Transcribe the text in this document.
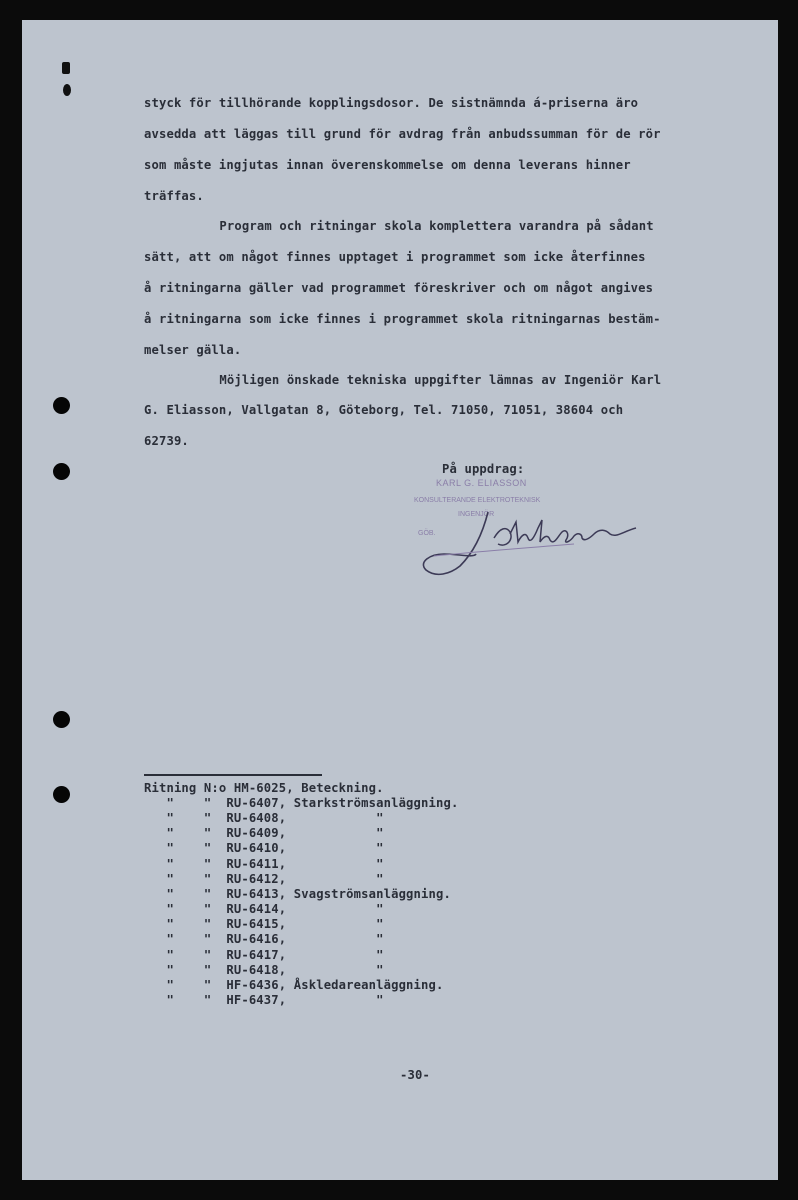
styck för tillhörande kopplingsdosor. De sistnämnda á-priserna äro
avsedda att läggas till grund för avdrag från anbudssumman för de rör
som måste ingjutas innan överenskommelse om denna leverans hinner
träffas.
Program och ritningar skola komplettera varandra på sådant
sätt, att om något finnes upptaget i programmet som icke återfinnes
å ritningarna gäller vad programmet föreskriver och om något angives
å ritningarna som icke finnes i programmet skola ritningarnas bestäm-
melser gälla.
Möjligen önskade tekniska uppgifter lämnas av Ingeniör Karl
G. Eliasson, Vallgatan 8, Göteborg, Tel. 71050, 71051, 38604 och
62739.
På uppdrag:
KARL G. ELIASSON
KONSULTERANDE ELEKTROTEKNISK
INGENJÖR
GÖB.
Ritning N:o HM-6025, Beteckning.
"    "  RU-6407, Starkströmsanläggning.
"    "  RU-6408,            "
"    "  RU-6409,            "
"    "  RU-6410,            "
"    "  RU-6411,            "
"    "  RU-6412,            "
"    "  RU-6413, Svagströmsanläggning.
"    "  RU-6414,            "
"    "  RU-6415,            "
"    "  RU-6416,            "
"    "  RU-6417,            "
"    "  RU-6418,            "
"    "  HF-6436, Åskledareanläggning.
"    "  HF-6437,            "
-30-
